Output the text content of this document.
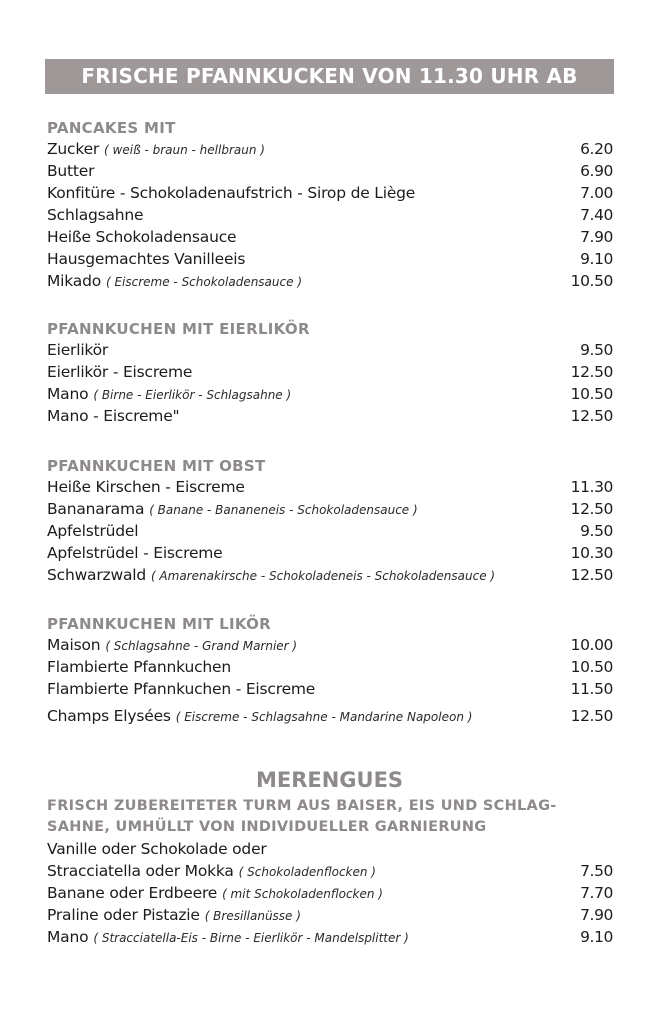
FRISCHE PFANNKUCKEN VON 11.30 UHR AB
PANCAKES MIT
Zucker ( weiß - braun - hellbraun )	6.20
Butter	6.90
Konfitüre - Schokoladenaufstrich - Sirop de Liège	7.00
Schlagsahne	7.40
Heiße Schokoladensauce	7.90
Hausgemachtes Vanilleeis	9.10
Mikado ( Eiscreme - Schokoladensauce )	10.50
PFANNKUCHEN MIT EIERLIKÖR
Eierlikör	9.50
Eierlikör - Eiscreme	12.50
Mano ( Birne - Eierlikör - Schlagsahne )	10.50
Mano - Eiscreme"	12.50
PFANNKUCHEN MIT OBST
Heiße Kirschen - Eiscreme	11.30
Bananarama ( Banane - Bananeneis - Schokoladensauce )	12.50
Apfelstrüdel	9.50
Apfelstrüdel - Eiscreme	10.30
Schwarzwald ( Amarenakirsche - Schokoladeneis - Schokoladensauce )	12.50
PFANNKUCHEN MIT LIKÖR
Maison ( Schlagsahne - Grand Marnier )	10.00
Flambierte Pfannkuchen	10.50
Flambierte Pfannkuchen - Eiscreme	11.50
Champs Elysées ( Eiscreme - Schlagsahne - Mandarine Napoleon )	12.50
MERENGUES
FRISCH ZUBEREITETER TURM AUS BAISER, EIS UND SCHLAG-
SAHNE, UMHÜLLT VON INDIVIDUELLER GARNIERUNG
Vanille oder Schokolade oder
Stracciatella oder Mokka ( Schokoladenflocken )	7.50
Banane oder Erdbeere ( mit Schokoladenflocken )	7.70
Praline oder Pistazie ( Bresillanüsse )	7.90
Mano ( Stracciatella-Eis - Birne - Eierlikör - Mandelsplitter )	9.10
